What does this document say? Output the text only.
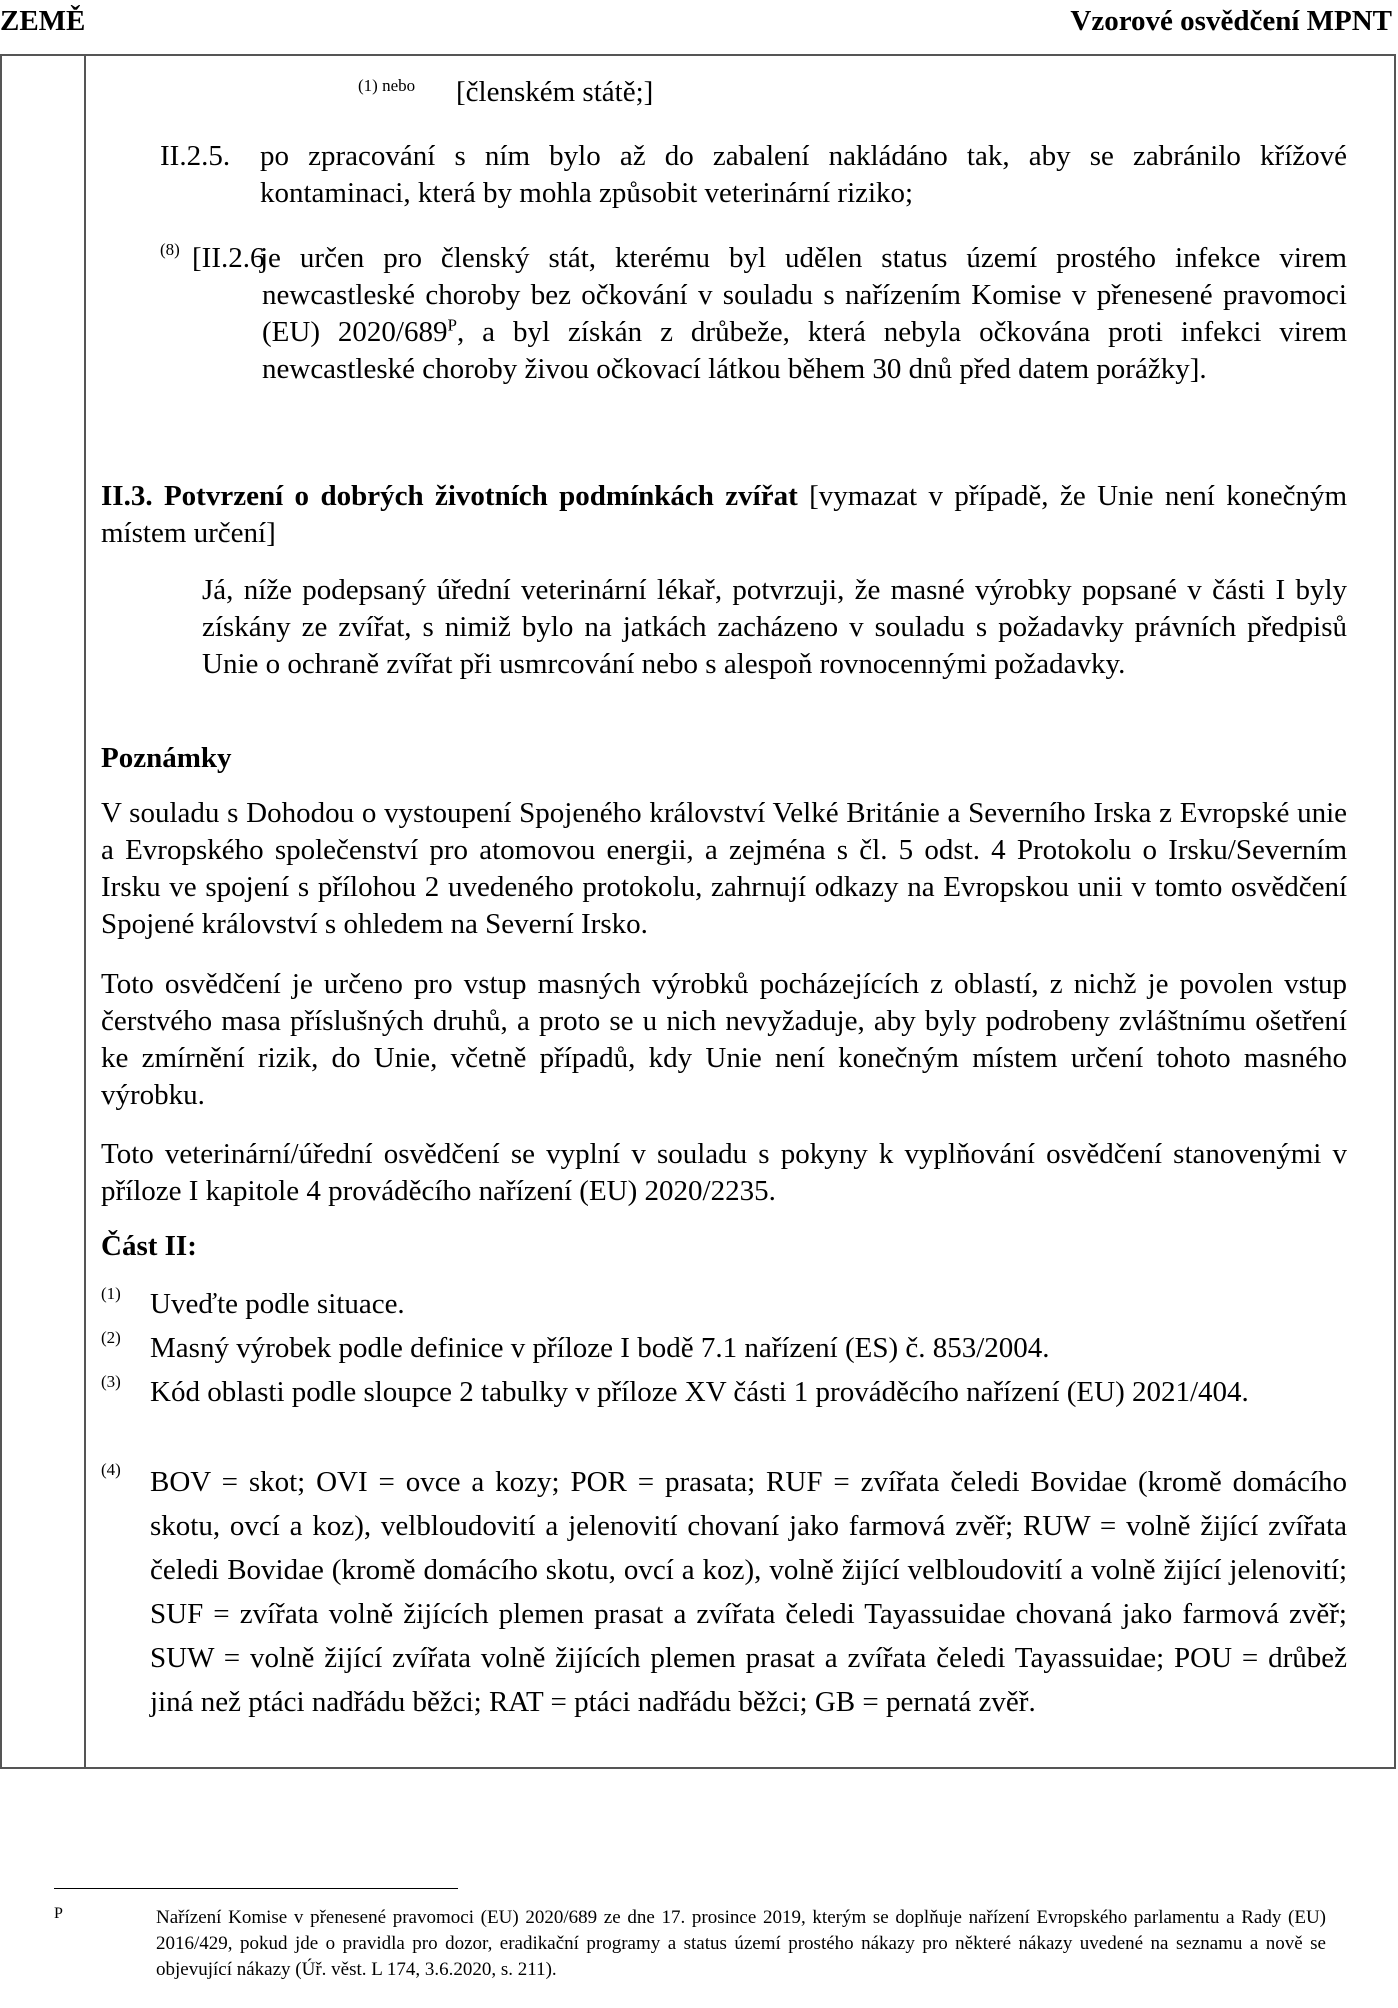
ZEMĚ	Vzorové osvědčení MPNT
(1) nebo [členském státě;]

II.2.5. po zpracování s ním bylo až do zabalení nakládáno tak, aby se zabránilo křížové kontaminaci, která by mohla způsobit veterinární riziko;

(8) [II.2.6

je určen pro členský stát, kterému byl udělen status území prostého infekce virem newcastleské choroby bez očkování v souladu s nařízením Komise v přenesené pravomoci (EU) $2020/689^P$, a byl získán z drůbeže, která nebyla očkována proti infekci virem newcastleské choroby živou očkovací látkou během 30 dnů před datem porážky].

II.3. Potvrzení o dobrých životních podmínkách zvířat [vymazat v případě, že Unie není konečným místem určení]

Já, níže podepsaný úřední veterinární lékař, potvrzuji, že masné výrobky popsané v části I byly získány ze zvířat, s nimiž bylo na jatkách zacházeno v souladu s požadavky právních předpisů Unie o ochraně zvířat při usmrcování nebo s alespoň rovnocennými požadavky.

Poznámky

V souladu s Dohodou o vystoupení Spojeného království Velké Británie a Severního Irska z Evropské unie a Evropského společenství pro atomovou energii, a zejména s čl. 5 odst. 4 Protokolu o Irsku/Severním Irsku ve spojení s přílohou 2 uvedeného protokolu, zahrnují odkazy na Evropskou unii v tomto osvědčení Spojené království s ohledem na Severní Irsko.

Toto osvědčení je určeno pro vstup masných výrobků pocházejících z oblastí, z nichž je povolen vstup čerstvého masa příslušných druhů, a proto se u nich nevyžaduje, aby byly podrobeny zvláštnímu ošetření ke zmírnění rizik, do Unie, včetně případů, kdy Unie není konečným místem určení tohoto masného výrobku.

Toto veterinární/úřední osvědčení se vyplní v souladu s pokyny k vyplňování osvědčení stanovenými v příloze I kapitole 4 prováděcího nařízení (EU) 2020/2235.

Část II:

(1) Uveďte podle situace.

(2) Masný výrobek podle definice v příloze I bodě 7.1 nařízení (ES) č. 853/2004.

(3) Kód oblasti podle sloupce 2 tabulky v příloze XV části 1 prováděcího nařízení (EU) 2021/404.

(4) BOV = skot; OVI = ovce a kozy; POR = prasata; RUF = zvířata čeledi Bovidae (kromě domácího skotu, ovcí a koz), velbloudovití a jelenovití chovaní jako farmová zvěř; RUW = volně žijící zvířata čeledi Bovidae (kromě domácího skotu, ovcí a koz), volně žijící velbloudovití a volně žijící jelenovití; SUF = zvířata volně žijících plemen prasat a zvířata čeledi Tayassuidae chovaná jako farmová zvěř; SUW = volně žijící zvířata volně žijících plemen prasat a zvířata čeledi Tayassuidae; POU = drůbež jiná než ptáci nadřádu běžci; RAT = ptáci nadřádu běžci; GB = pernatá zvěř.

P	Nařízení Komise v přenesené pravomoci (EU) 2020/689 ze dne 17. prosince 2019, kterým se doplňuje nařízení Evropského parlamentu a Rady (EU) 2016/429, pokud jde o pravidla pro dozor, eradikační programy a status území prostého nákazy pro některé nákazy uvedené na seznamu a nově se objevující nákazy (Úř. věst. L 174, 3.6.2020, s. 211).
